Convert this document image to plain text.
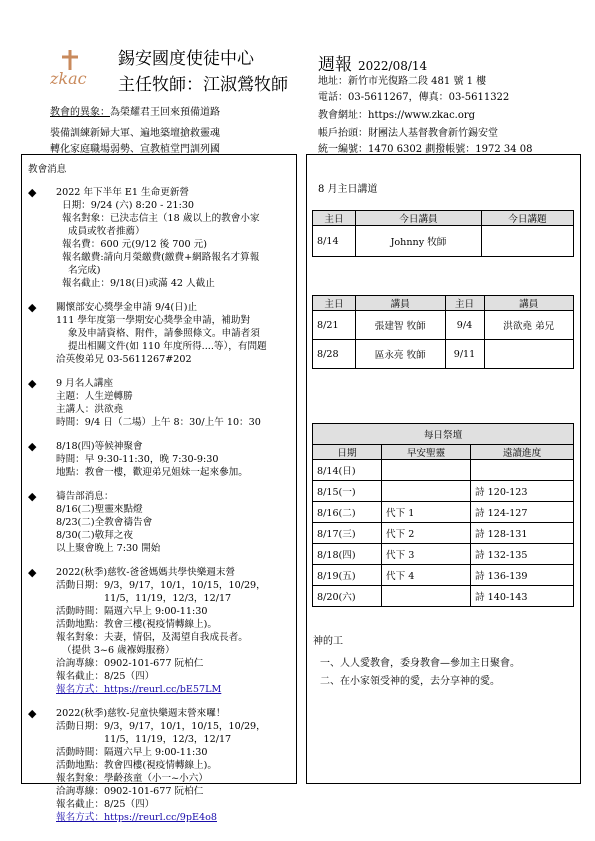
zkac
錫安國度使徒中心
主任牧師：江淑鶯牧師
週報 2022/08/14
教會的異象：為榮耀君王回來預備道路
裝備訓練新婦大軍、遍地築壇搶救靈魂
轉化家庭職場弱勢、宣教植堂門訓列國
地址：新竹市光復路二段 481 號 1 樓
電話：03-5611267，傳真：03-5611322
教會網址：https://www.zkac.org
帳戶抬頭：財團法人基督教會新竹錫安堂
統一編號：1470 6302 劃撥帳號：1972 34 08
教會消息
◆ 2022 年下半年 E1 生命更新營
日期：9/24 (六) 8:20 - 21:30
報名對象：已決志信主（18 歲以上的教會小家
成員或牧者推薦）
報名費：600 元(9/12 後 700 元)
報名繳費:請向月榮繳費(繳費+網路報名才算報
名完成)
報名截止：9/18(日)或滿 42 人截止
◆ 關懷部安心獎學金申請 9/4(日)止
111 學年度第一學期安心獎學金申請，補助對
象及申請資格、附件，請參照條文。申請者須
提出相關文件(如 110 年度所得....等），有問題
洽英俊弟兄 03-5611267#202
◆ 9 月名人講座
主題：人生逆轉勝
主講人：洪欲堯
時間：9/4 日（二場）上午 8：30/上午 10：30
◆ 8/18(四)等候神聚會
時間：早 9:30-11:30，晚 7:30-9:30
地點：教會一樓，歡迎弟兄姐妹一起來參加。
◆ 禱告部消息：
8/16(二)聖靈來點燈
8/23(二)全教會禱告會
8/30(二)敬拜之夜
以上聚會晚上 7:30 開始
◆ 2022(秋季)慈牧-爸爸媽媽共學快樂週末營
活動日期：9/3，9/17，10/1，10/15，10/29，
11/5，11/19，12/3，12/17
活動時間：隔週六早上 9:00-11:30
活動地點：教會三樓(視疫情轉線上)。
報名對象：夫妻，情侶，及渴望自我成長者。
（提供 3~6 歲褓姆服務）
洽詢專線：0902-101-677 阮柏仁
報名截止：8/25（四）
報名方式：https://reurl.cc/bE57LM
◆ 2022(秋季)慈牧-兒童快樂週末營來囉！
活動日期：9/3，9/17，10/1，10/15，10/29，
11/5，11/19，12/3，12/17
活動時間：隔週六早上 9:00-11:30
活動地點：教會四樓(視疫情轉線上)。
報名對象：學齡孩童（小一~小六）
洽詢專線：0902-101-677 阮柏仁
報名截止：8/25（四）
報名方式：https://reurl.cc/9pE4o8
8 月主日講道
主日	今日講員	今日講題
8/14	Johnny 牧師	
主日	講員	主日	講員
8/21	張建智 牧師	9/4	洪欲堯 弟兄
8/28	區永亮 牧師	9/11	
每日祭壇		
日期	早安聖靈	遠讀進度
8/14(日)		
8/15(一)		詩 120-123
8/16(二)	代下 1	詩 124-127
8/17(三)	代下 2	詩 128-131
8/18(四)	代下 3	詩 132-135
8/19(五)	代下 4	詩 136-139
8/20(六)		詩 140-143
神的工
一、人人愛教會，委身教會—參加主日聚會。
二、在小家領受神的愛，去分享神的愛。
